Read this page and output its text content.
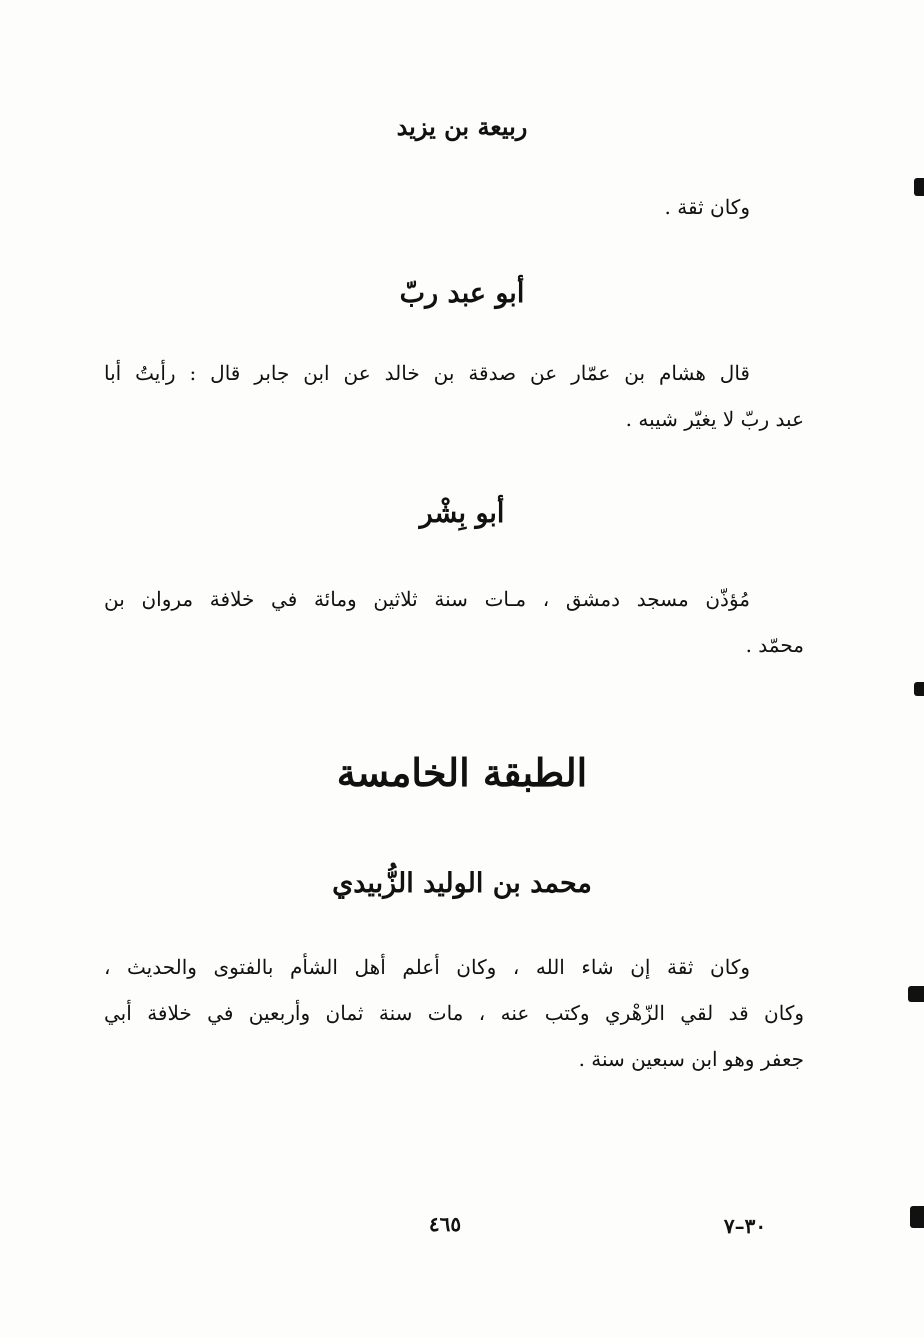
ربيعة بن يزيد
وكان ثقة .
أبو عبد ربّ
قال هشام بن عمّار عن صدقة بن خالد عن ابن جابر قال : رأيتُ أبا
عبد ربّ لا يغيّر شيبه .
أبو بِشْر
مُؤذّن مسجد دمشق ، مـات سنة ثلاثين ومائة في خلافة مروان بن
محمّد .
الطبقة الخامسة
محمد بن الوليد الزُّبيدي
وكان ثقة إن شاء الله ، وكان أعلم أهل الشأم بالفتوى والحديث ،
وكان قد لقي الزّهْري وكتب عنه ، مات سنة ثمان وأربعين في خلافة أبي
جعفر وهو ابن سبعين سنة .
٤٦٥	٣٠–٧
